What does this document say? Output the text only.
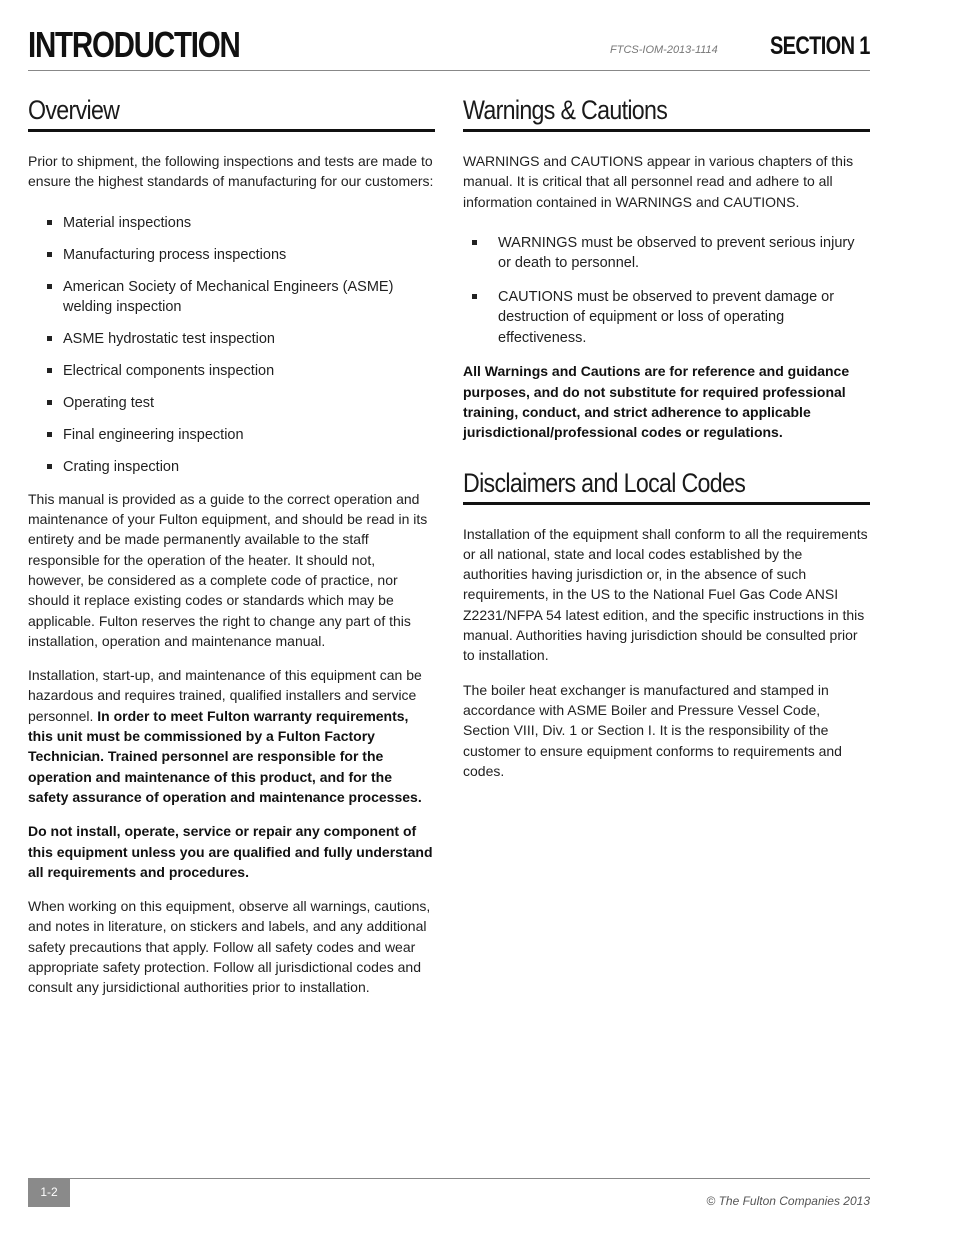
INTRODUCTION	FTCS-IOM-2013-1114 SECTION 1
Overview

Prior to shipment, the following inspections and tests are made to ensure the highest standards of manufacturing for our customers:

Material inspections
Manufacturing process inspections
American Society of Mechanical Engineers (ASME) welding inspection
ASME hydrostatic test inspection
Electrical components inspection
Operating test
Final engineering inspection
Crating inspection

This manual is provided as a guide to the correct operation and maintenance of your Fulton equipment, and should be read in its entirety and be made permanently available to the staff responsible for the operation of the heater. It should not, however, be considered as a complete code of practice, nor should it replace existing codes or standards which may be applicable. Fulton reserves the right to change any part of this installation, operation and maintenance manual.

Installation, start-up, and maintenance of this equipment can be hazardous and requires trained, qualified installers and service personnel. In order to meet Fulton warranty requirements, this unit must be commissioned by a Fulton Factory Technician. Trained personnel are responsible for the operation and maintenance of this product, and for the safety assurance of operation and maintenance processes.

Do not install, operate, service or repair any component of this equipment unless you are qualified and fully understand all requirements and procedures.

When working on this equipment, observe all warnings, cautions, and notes in literature, on stickers and labels, and any additional safety precautions that apply. Follow all safety codes and wear appropriate safety protection. Follow all jurisdictional codes and consult any jursidictional authorities prior to installation.

Warnings & Cautions

WARNINGS and CAUTIONS appear in various chapters of this manual. It is critical that all personnel read and adhere to all information contained in WARNINGS and CAUTIONS.

WARNINGS must be observed to prevent serious injury or death to personnel.
CAUTIONS must be observed to prevent damage or destruction of equipment or loss of operating effectiveness.

All Warnings and Cautions are for reference and guidance purposes, and do not substitute for required professional training, conduct, and strict adherence to applicable jurisdictional/professional codes or regulations.

Disclaimers and Local Codes

Installation of the equipment shall conform to all the requirements or all national, state and local codes established by the authorities having jurisdiction or, in the absence of such requirements, in the US to the National Fuel Gas Code ANSI Z2231/NFPA 54 latest edition, and the specific instructions in this manual. Authorities having jurisdiction should be consulted prior to installation.

The boiler heat exchanger is manufactured and stamped in accordance with ASME Boiler and Pressure Vessel Code, Section VIII, Div. 1 or Section I. It is the responsibility of the customer to ensure equipment conforms to requirements and codes.

1-2
© The Fulton Companies 2013
